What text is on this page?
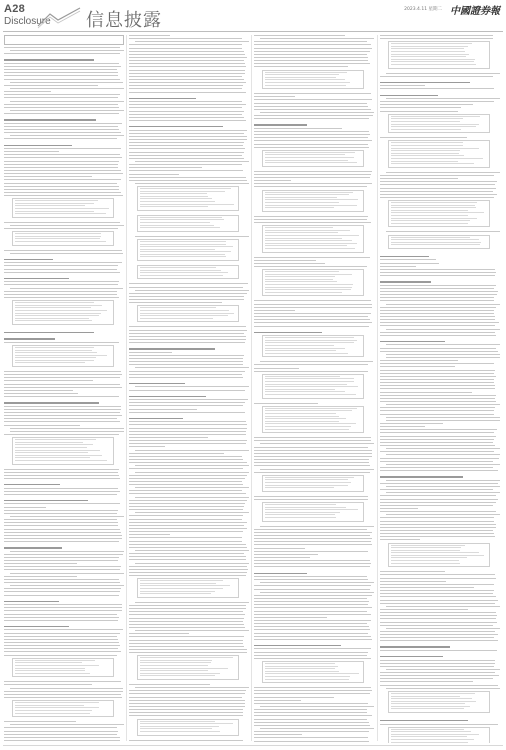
A28
Disclosure 信息披露
2023.4.11 星期二 中國證券報
